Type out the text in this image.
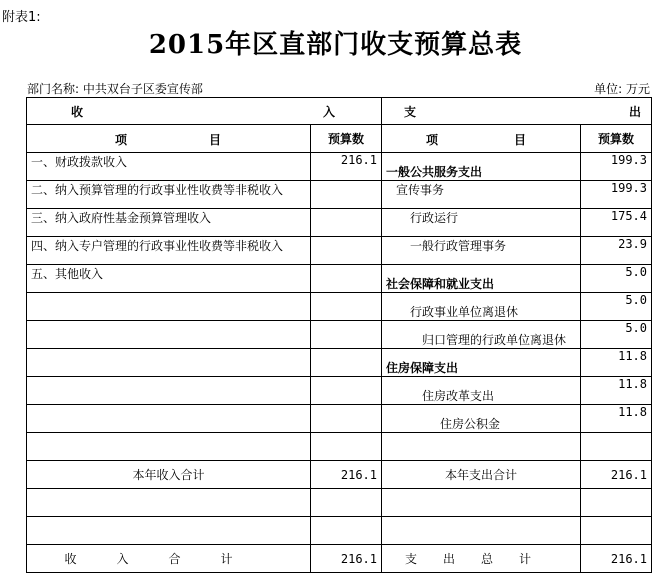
附表1:
2015年区直部门收支预算总表
部门名称: 中共双台子区委宣传部	单位: 万元
收 入		支 出	

项 目	预算数	项 目	预算数
一、财政拨款收入	216.1	一般公共服务支出	199.3
二、纳入预算管理的行政事业性收费等非税收入		宣传事务	199.3
三、纳入政府性基金预算管理收入		行政运行	175.4
四、纳入专户管理的行政事业性收费等非税收入		一般行政管理事务	23.9
五、其他收入		社会保障和就业支出	5.0
		行政事业单位离退休	5.0
		归口管理的行政单位离退休	5.0
		住房保障支出	11.8
		住房改革支出	11.8
		住房公积金	11.8

本年收入合计	216.1	本年支出合计	216.1

收入合计	216.1	支出总计	216.1
